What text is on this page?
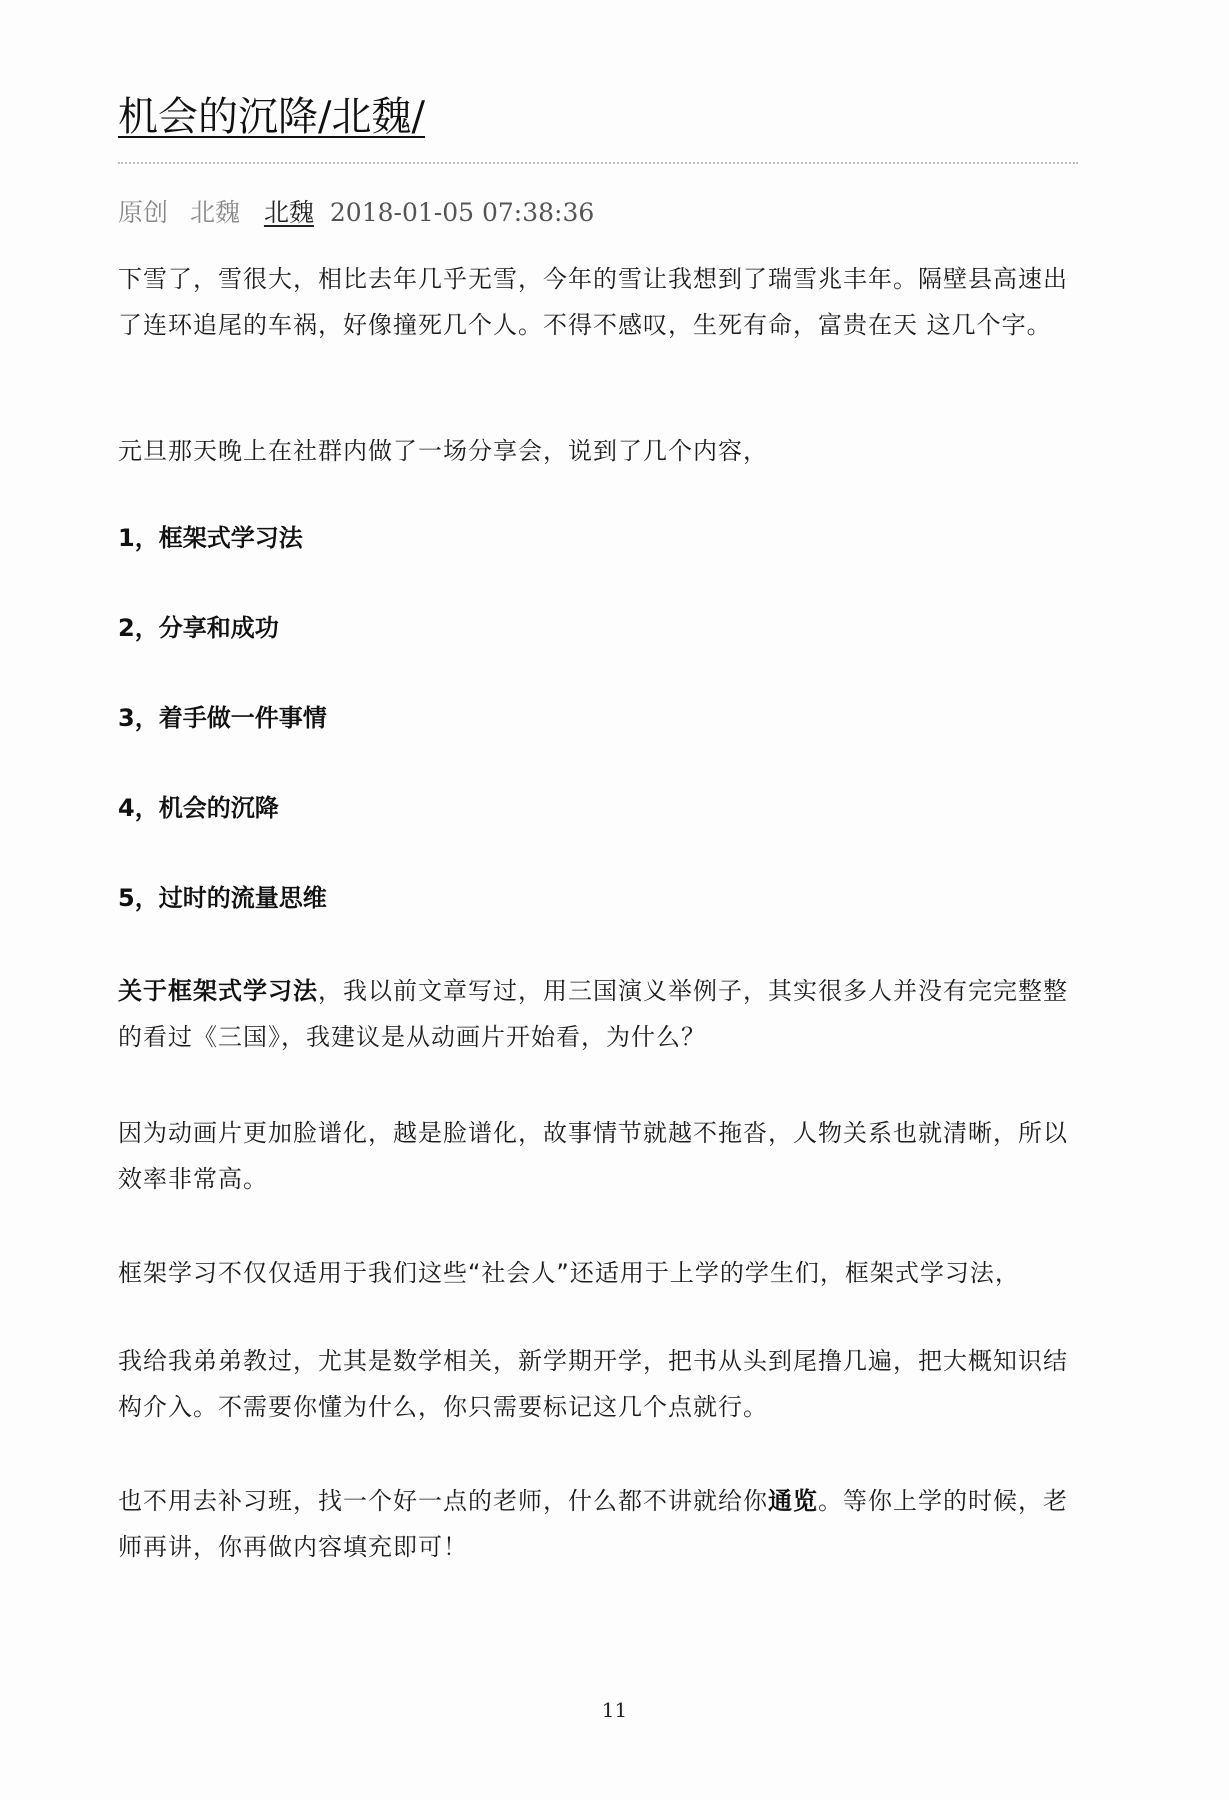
机会的沉降/北魏/
原创 北魏 北魏 2018-01-05 07:38:36

下雪了，雪很大，相比去年几乎无雪，今年的雪让我想到了瑞雪兆丰年。隔壁县高速出了连环追尾的车祸，好像撞死几个人。不得不感叹，生死有命，富贵在天 这几个字。

元旦那天晚上在社群内做了一场分享会，说到了几个内容，

1，框架式学习法

2，分享和成功

3，着手做一件事情

4，机会的沉降

5，过时的流量思维

关于框架式学习法，我以前文章写过，用三国演义举例子，其实很多人并没有完完整整的看过《三国》，我建议是从动画片开始看，为什么？

因为动画片更加脸谱化，越是脸谱化，故事情节就越不拖沓，人物关系也就清晰，所以效率非常高。

框架学习不仅仅适用于我们这些“社会人”还适用于上学的学生们，框架式学习法，

我给我弟弟教过，尤其是数学相关，新学期开学，把书从头到尾撸几遍，把大概知识结构介入。不需要你懂为什么，你只需要标记这几个点就行。

也不用去补习班，找一个好一点的老师，什么都不讲就给你通览。等你上学的时候，老师再讲，你再做内容填充即可！

11
